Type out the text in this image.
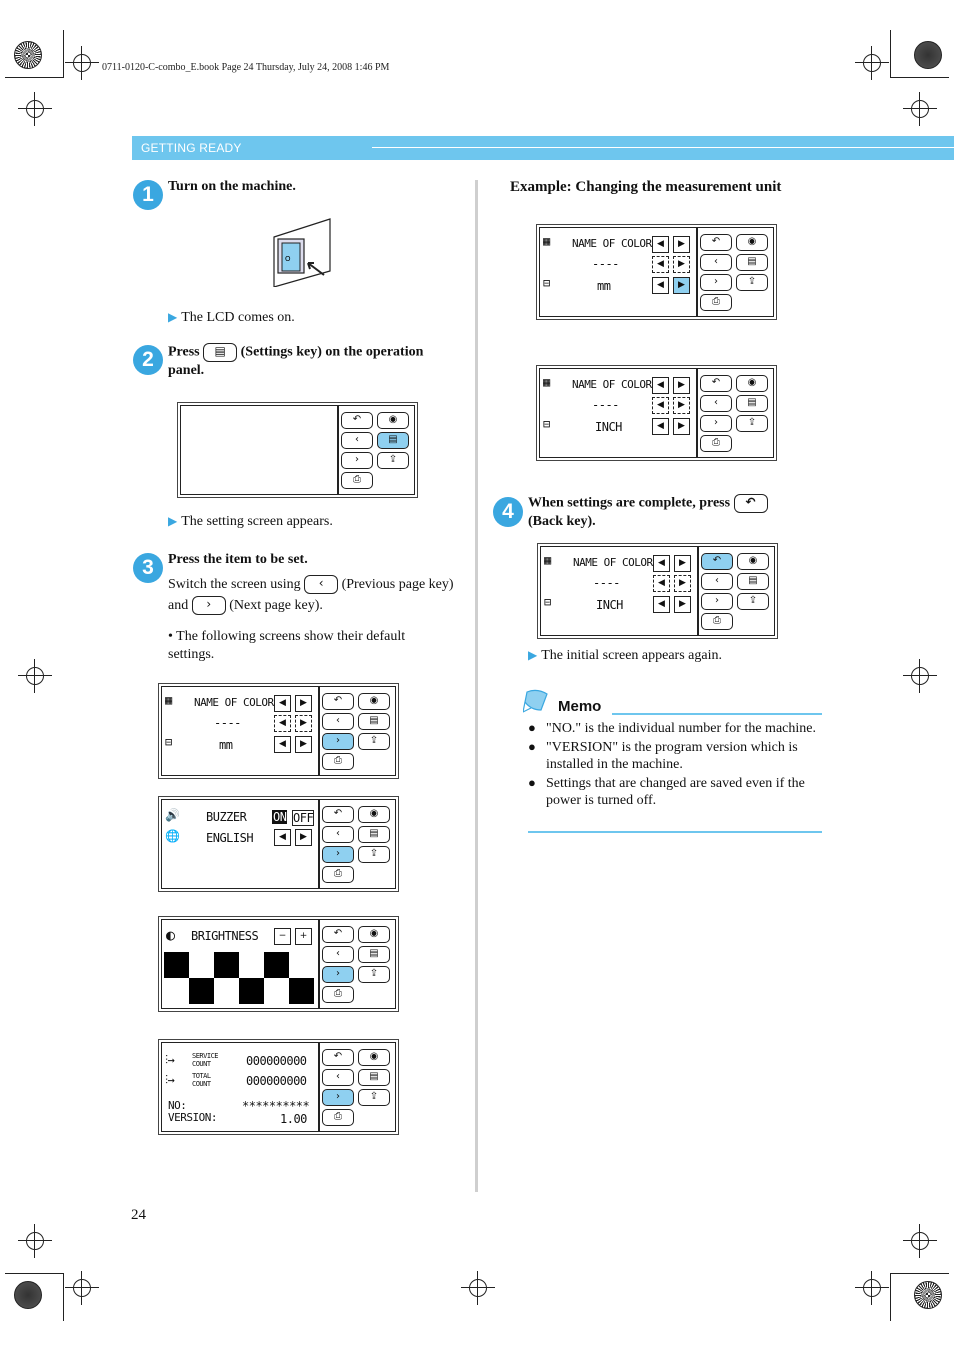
0711-0120-C-combo_E.book Page 24 Thursday, July 24, 2008 1:46 PM
GETTING READY
1	Turn on the machine.
O
▶ The LCD comes on.
2	Press ▤ (Settings key) on the operation panel.
↶	◉
‹	▤
›	⇪
⎙
▶ The setting screen appears.
3	Press the item to be set.
Switch the screen using ‹ (Previous page key) and › (Next page key).
• The following screens show their default settings.
▦ NAME OF COLOR ◀	▶
----	◀	▶
⊟	mm	◀	▶
↶	◉
‹	▤
›	⇪
⎙
🔊 BUZZER ON OFF
🌐 ENGLISH	◀	▶
↶	◉
‹	▤
›	⇪
⎙
◐ BRIGHTNESS	−	+	↶	◉
‹	▤
›	⇪
⎙
⫶→	SERVICE COUNT	000000000
⫶→	TOTAL COUNT	000000000
NO:	**********
VERSION:	1.00
↶	◉
‹	▤
›	⇪
⎙
Example: Changing the measurement unit
▦ NAME OF COLOR ◀	▶
----	◀	▶
⊟	mm	◀	▶
↶	◉
‹	▤
›	⇪
⎙
▦ NAME OF COLOR ◀	▶
----	◀	▶
⊟	INCH	◀	▶
↶	◉
‹	▤
›	⇪
⎙
4	When settings are complete, press ↶
(Back key).
▦ NAME OF COLOR ◀	▶
----	◀	▶
⊟	INCH	◀	▶
↶	◉
‹	▤
›	⇪
⎙
▶ The initial screen appears again.
Memo
● "NO." is the individual number for the machine.
● "VERSION" is the program version which is installed in the machine.
● Settings that are changed are saved even if the power is turned off.
24
